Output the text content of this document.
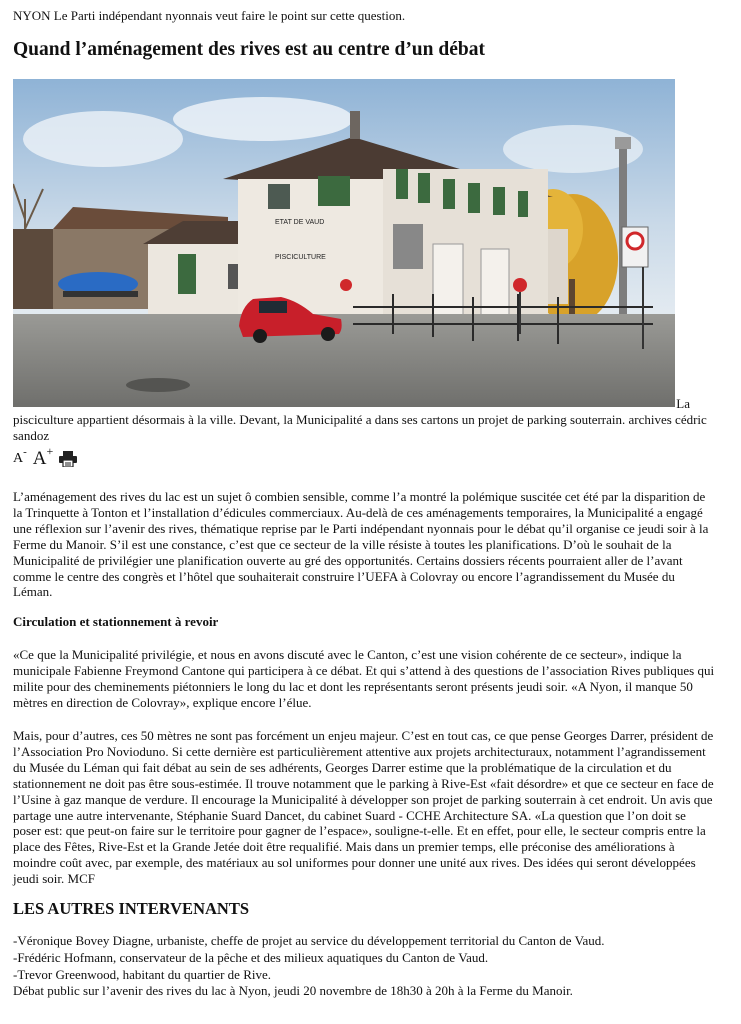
NYON Le Parti indépendant nyonnais veut faire le point sur cette question.
Quand l’aménagement des rives est au centre d’un débat
ETAT DE VAUD
PISCICULTURE
La
pisciculture appartient désormais à la ville. Devant, la Municipalité a dans ses cartons un projet de parking souterrain. archives cédric sandoz
A - A +

L’aménagement des rives du lac est un sujet ô combien sensible, comme l’a montré la polémique suscitée cet été par la disparition de la Trinquette à Tonton et l’installation d’édicules commerciaux. Au-delà de ces aménagements temporaires, la Municipalité a engagé une réflexion sur l’avenir des rives, thématique reprise par le Parti indépendant nyonnais pour le débat qu’il organise ce jeudi soir à la Ferme du Manoir. S’il est une constance, c’est que ce secteur de la ville résiste à toutes les planifications. D’où le souhait de la Municipalité de privilégier une planification ouverte au gré des opportunités. Certains dossiers récents pourraient aller de l’avant comme le centre des congrès et l’hôtel que souhaiterait construire l’UEFA à Colovray ou encore l’agrandissement du Musée du Léman.

Circulation et stationnement à revoir

«Ce que la Municipalité privilégie, et nous en avons discuté avec le Canton, c’est une vision cohérente de ce secteur», indique la municipale Fabienne Freymond Cantone qui participera à ce débat. Et qui s’attend à des questions de l’association Rives publiques qui milite pour des cheminements piétonniers le long du lac et dont les représentants seront présents jeudi soir. «A Nyon, il manque 50 mètres en direction de Colovray», explique encore l’élue.

Mais, pour d’autres, ces 50 mètres ne sont pas forcément un enjeu majeur. C’est en tout cas, ce que pense Georges Darrer, président de l’Association Pro Novioduno. Si cette dernière est particulièrement attentive aux projets architecturaux, notamment l’agrandissement du Musée du Léman qui fait débat au sein de ses adhérents, Georges Darrer estime que la problématique de la circulation et du stationnement ne doit pas être sous-estimée. Il trouve notamment que le parking à Rive-Est «fait désordre» et que ce secteur en face de l’Usine à gaz manque de verdure. Il encourage la Municipalité à développer son projet de parking souterrain à cet endroit. Un avis que partage une autre intervenante, Stéphanie Suard Dancet, du cabinet Suard - CCHE Architecture SA. «La question que l’on doit se poser est: que peut-on faire sur le territoire pour gagner de l’espace», souligne-t-elle. Et en effet, pour elle, le secteur compris entre la place des Fêtes, Rive-Est et la Grande Jetée doit être requalifié. Mais dans un premier temps, elle préconise des améliorations à moindre coût avec, par exemple, des matériaux au sol uniformes pour donner une unité aux rives. Des idées qui seront développées jeudi soir. MCF

LES AUTRES INTERVENANTS
-Véronique Bovey Diagne, urbaniste, cheffe de projet au service du développement territorial du Canton de Vaud.
-Frédéric Hofmann, conservateur de la pêche et des milieux aquatiques du Canton de Vaud.
-Trevor Greenwood, habitant du quartier de Rive.
Débat public sur l’avenir des rives du lac à Nyon, jeudi 20 novembre de 18h30 à 20h à la Ferme du Manoir.
